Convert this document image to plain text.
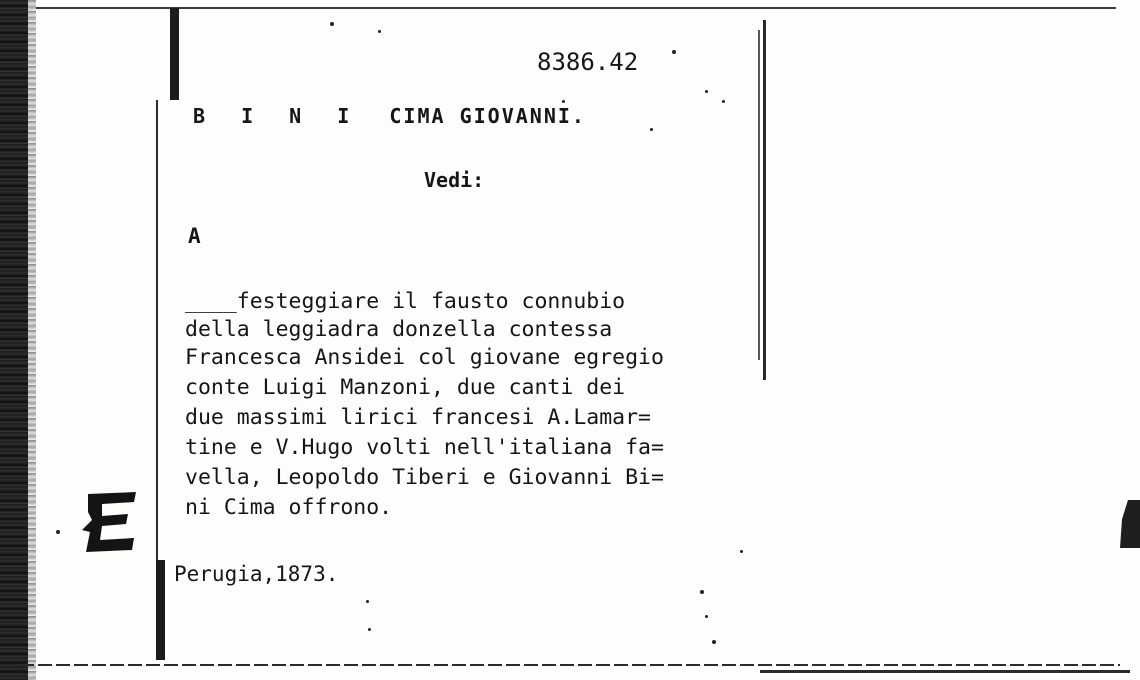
8386.42
B I N I CIMA GIOVANNI.
Vedi:
A
____festeggiare il fausto connubio
della leggiadra donzella contessa
Francesca Ansidei col giovane egregio
conte Luigi Manzoni, due canti dei
due massimi lirici francesi A.Lamar=
tine e V.Hugo volti nell'italiana fa=
vella, Leopoldo Tiberi e Giovanni Bi=
ni Cima offrono.
Perugia,1873.
